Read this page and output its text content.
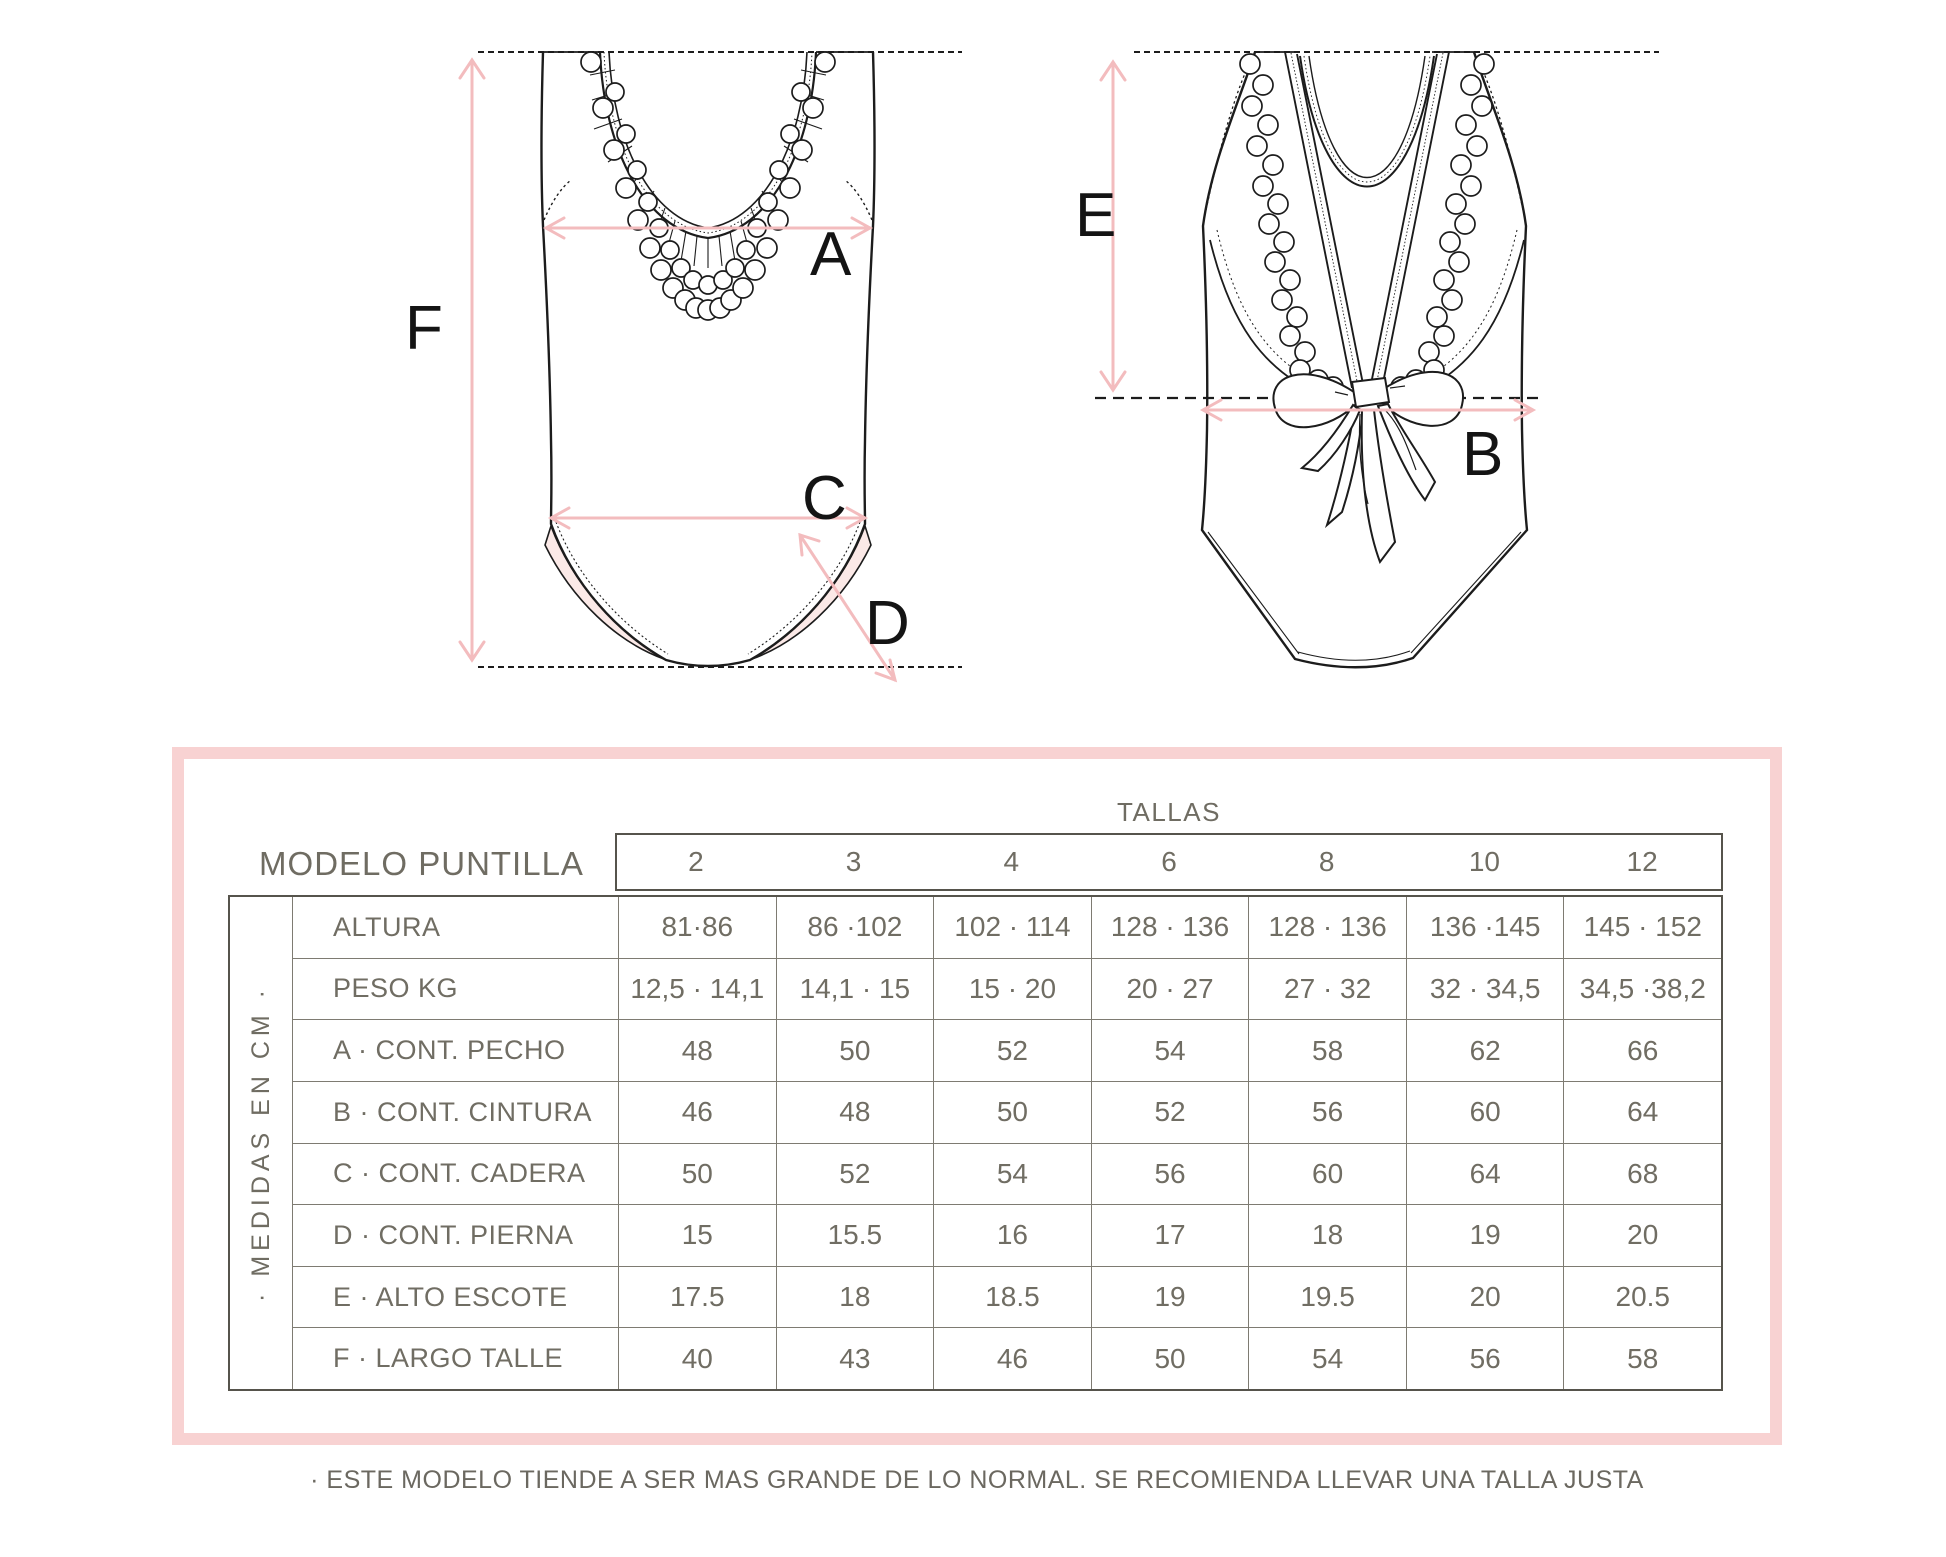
F
A
C
D
E
B
TALLAS
MODELO PUNTILLA	2	3	4	6	8	10	12
· MEDIDAS EN CM ·
ALTURA	81·86	86 ·102	102 · 114	128 · 136	128 · 136	136 ·145	145 · 152
PESO KG	12,5 · 14,1	14,1 · 15	15 · 20	20 · 27	27 · 32	32 · 34,5	34,5 ·38,2
A · CONT. PECHO	48	50	52	54	58	62	66
B · CONT. CINTURA	46	48	50	52	56	60	64
C · CONT. CADERA	50	52	54	56	60	64	68
D · CONT. PIERNA	15	15.5	16	17	18	19	20
E · ALTO ESCOTE	17.5	18	18.5	19	19.5	20	20.5
F · LARGO TALLE	40	43	46	50	54	56	58
· ESTE MODELO TIENDE A SER MAS GRANDE DE LO NORMAL. SE RECOMIENDA LLEVAR UNA TALLA JUSTA
